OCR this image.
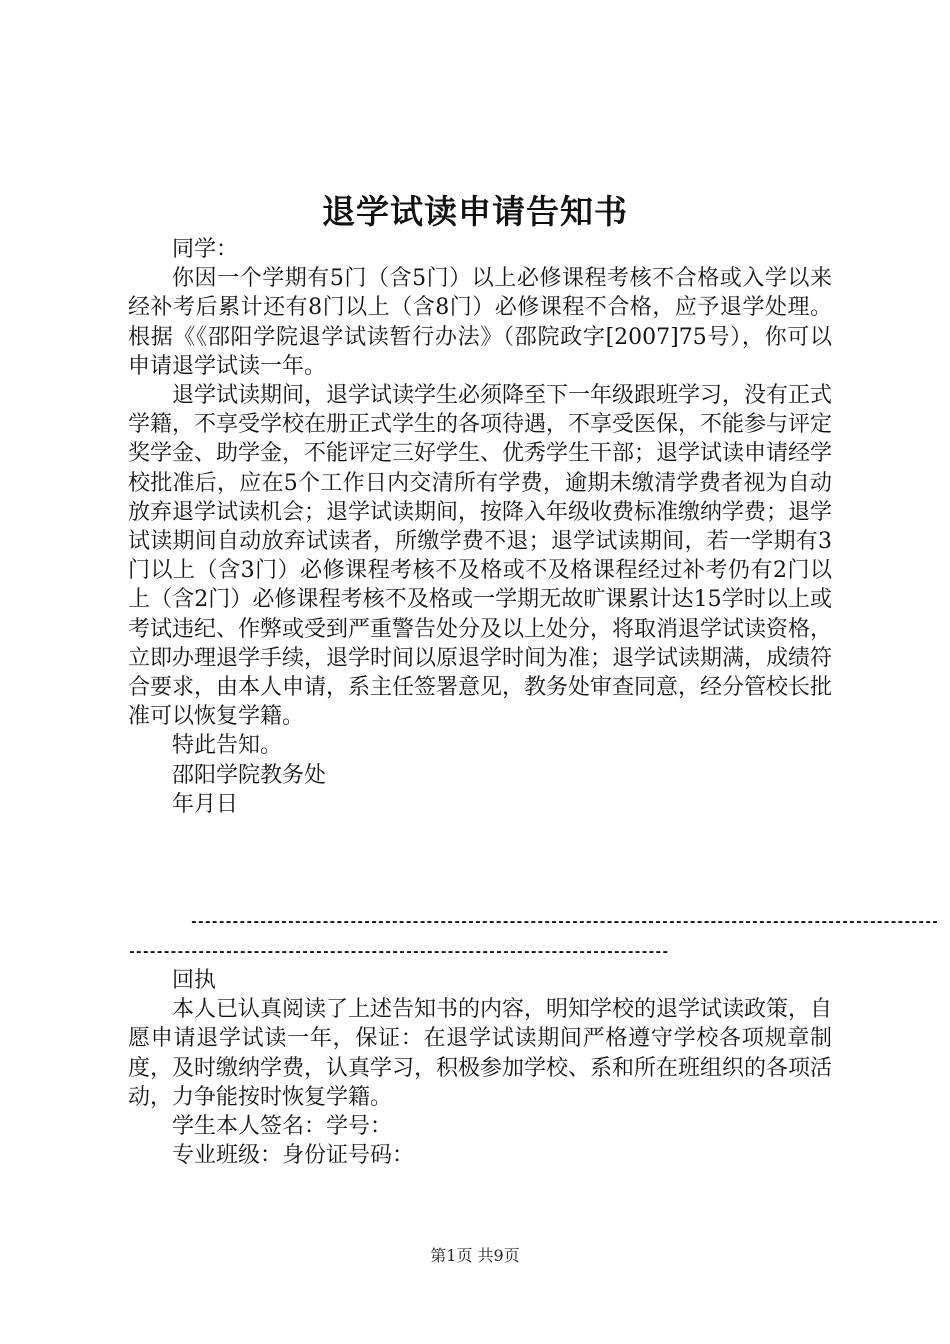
退学试读申请告知书

同学：

你因一个学期有5门（含5门）以上必修课程考核不合格或入学以来经补考后累计还有8门以上（含8门）必修课程不合格，应予退学处理。根据《《邵阳学院退学试读暂行办法》（邵院政字[2007]75号），你可以申请退学试读一年。

退学试读期间，退学试读学生必须降至下一年级跟班学习，没有正式学籍，不享受学校在册正式学生的各项待遇，不享受医保，不能参与评定奖学金、助学金，不能评定三好学生、优秀学生干部；退学试读申请经学校批准后，应在5个工作日内交清所有学费，逾期未缴清学费者视为自动放弃退学试读机会；退学试读期间，按降入年级收费标准缴纳学费；退学试读期间自动放弃试读者，所缴学费不退；退学试读期间，若一学期有3门以上（含3门）必修课程考核不及格或不及格课程经过补考仍有2门以上（含2门）必修课程考核不及格或一学期无故旷课累计达15学时以上或考试违纪、作弊或受到严重警告处分及以上处分，将取消退学试读资格，立即办理退学手续，退学时间以原退学时间为准；退学试读期满，成绩符合要求，由本人申请，系主任签署意见，教务处审查同意，经分管校长批准可以恢复学籍。

特此告知。

邵阳学院教务处

年月日

------------------------------------------------------------------------------------------------------------
------------------------------------------------------------------------------

回执

本人已认真阅读了上述告知书的内容，明知学校的退学试读政策，自愿申请退学试读一年，保证：在退学试读期间严格遵守学校各项规章制度，及时缴纳学费，认真学习，积极参加学校、系和所在班组织的各项活动，力争能按时恢复学籍。

学生本人签名：学号：

专业班级：身份证号码：

第1页 共9页
